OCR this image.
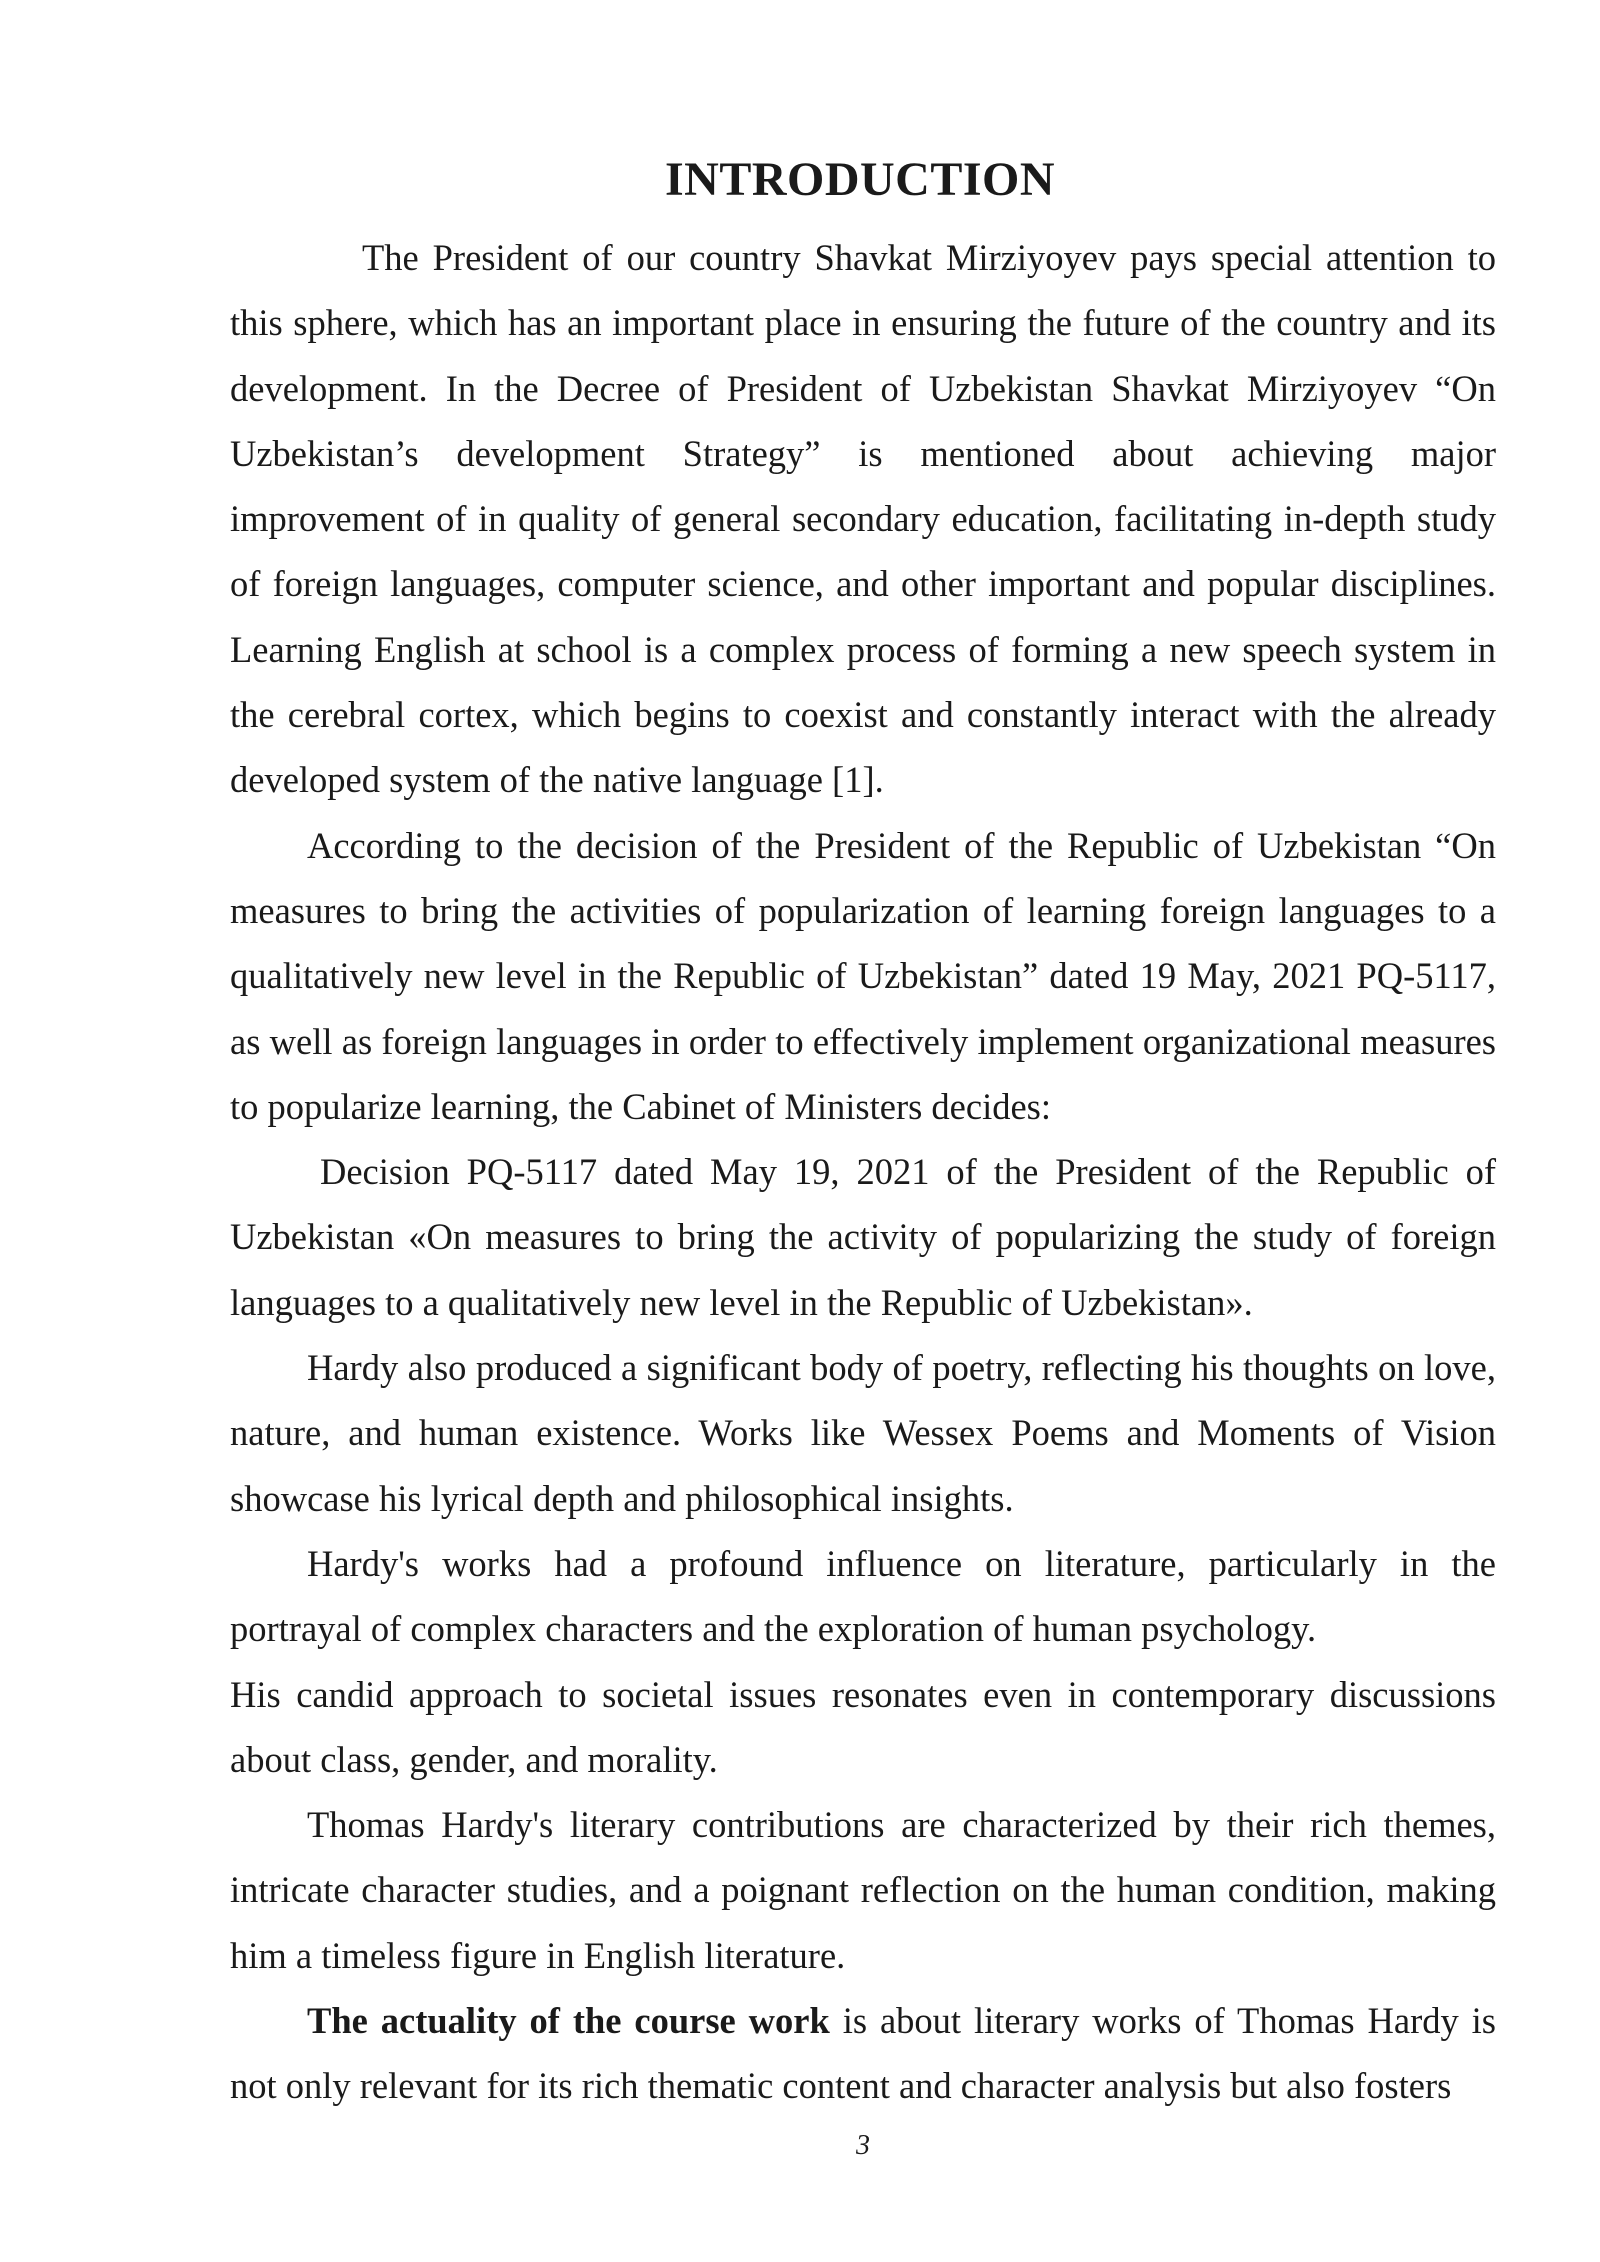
INTRODUCTION

The President of our country Shavkat Mirziyoyev pays special attention to this sphere, which has an important place in ensuring the future of the country and its development. In the Decree of President of Uzbekistan Shavkat Mirziyoyev “On Uzbekistan’s development Strategy” is mentioned about achieving major improvement of in quality of general secondary education, facilitating in-depth study of foreign languages, computer science, and other important and popular disciplines. Learning English at school is a complex process of forming a new speech system in the cerebral cortex, which begins to coexist and constantly interact with the already developed system of the native language [1].

According to the decision of the President of the Republic of Uzbekistan “On measures to bring the activities of popularization of learning foreign languages to a qualitatively new level in the Republic of Uzbekistan” dated 19 May, 2021 PQ-5117, as well as foreign languages in order to effectively implement organizational measures to popularize learning, the Cabinet of Ministers decides:

Decision PQ-5117 dated May 19, 2021 of the President of the Republic of Uzbekistan «On measures to bring the activity of popularizing the study of foreign languages to a qualitatively new level in the Republic of Uzbekistan».

Hardy also produced a significant body of poetry, reflecting his thoughts on love, nature, and human existence. Works like Wessex Poems and Moments of Vision showcase his lyrical depth and philosophical insights.

Hardy's works had a profound influence on literature, particularly in the portrayal of complex characters and the exploration of human psychology.

His candid approach to societal issues resonates even in contemporary discussions about class, gender, and morality.

Thomas Hardy's literary contributions are characterized by their rich themes, intricate character studies, and a poignant reflection on the human condition, making him a timeless figure in English literature.

The actuality of the course work is about literary works of Thomas Hardy is not only relevant for its rich thematic content and character analysis but also fosters

3
